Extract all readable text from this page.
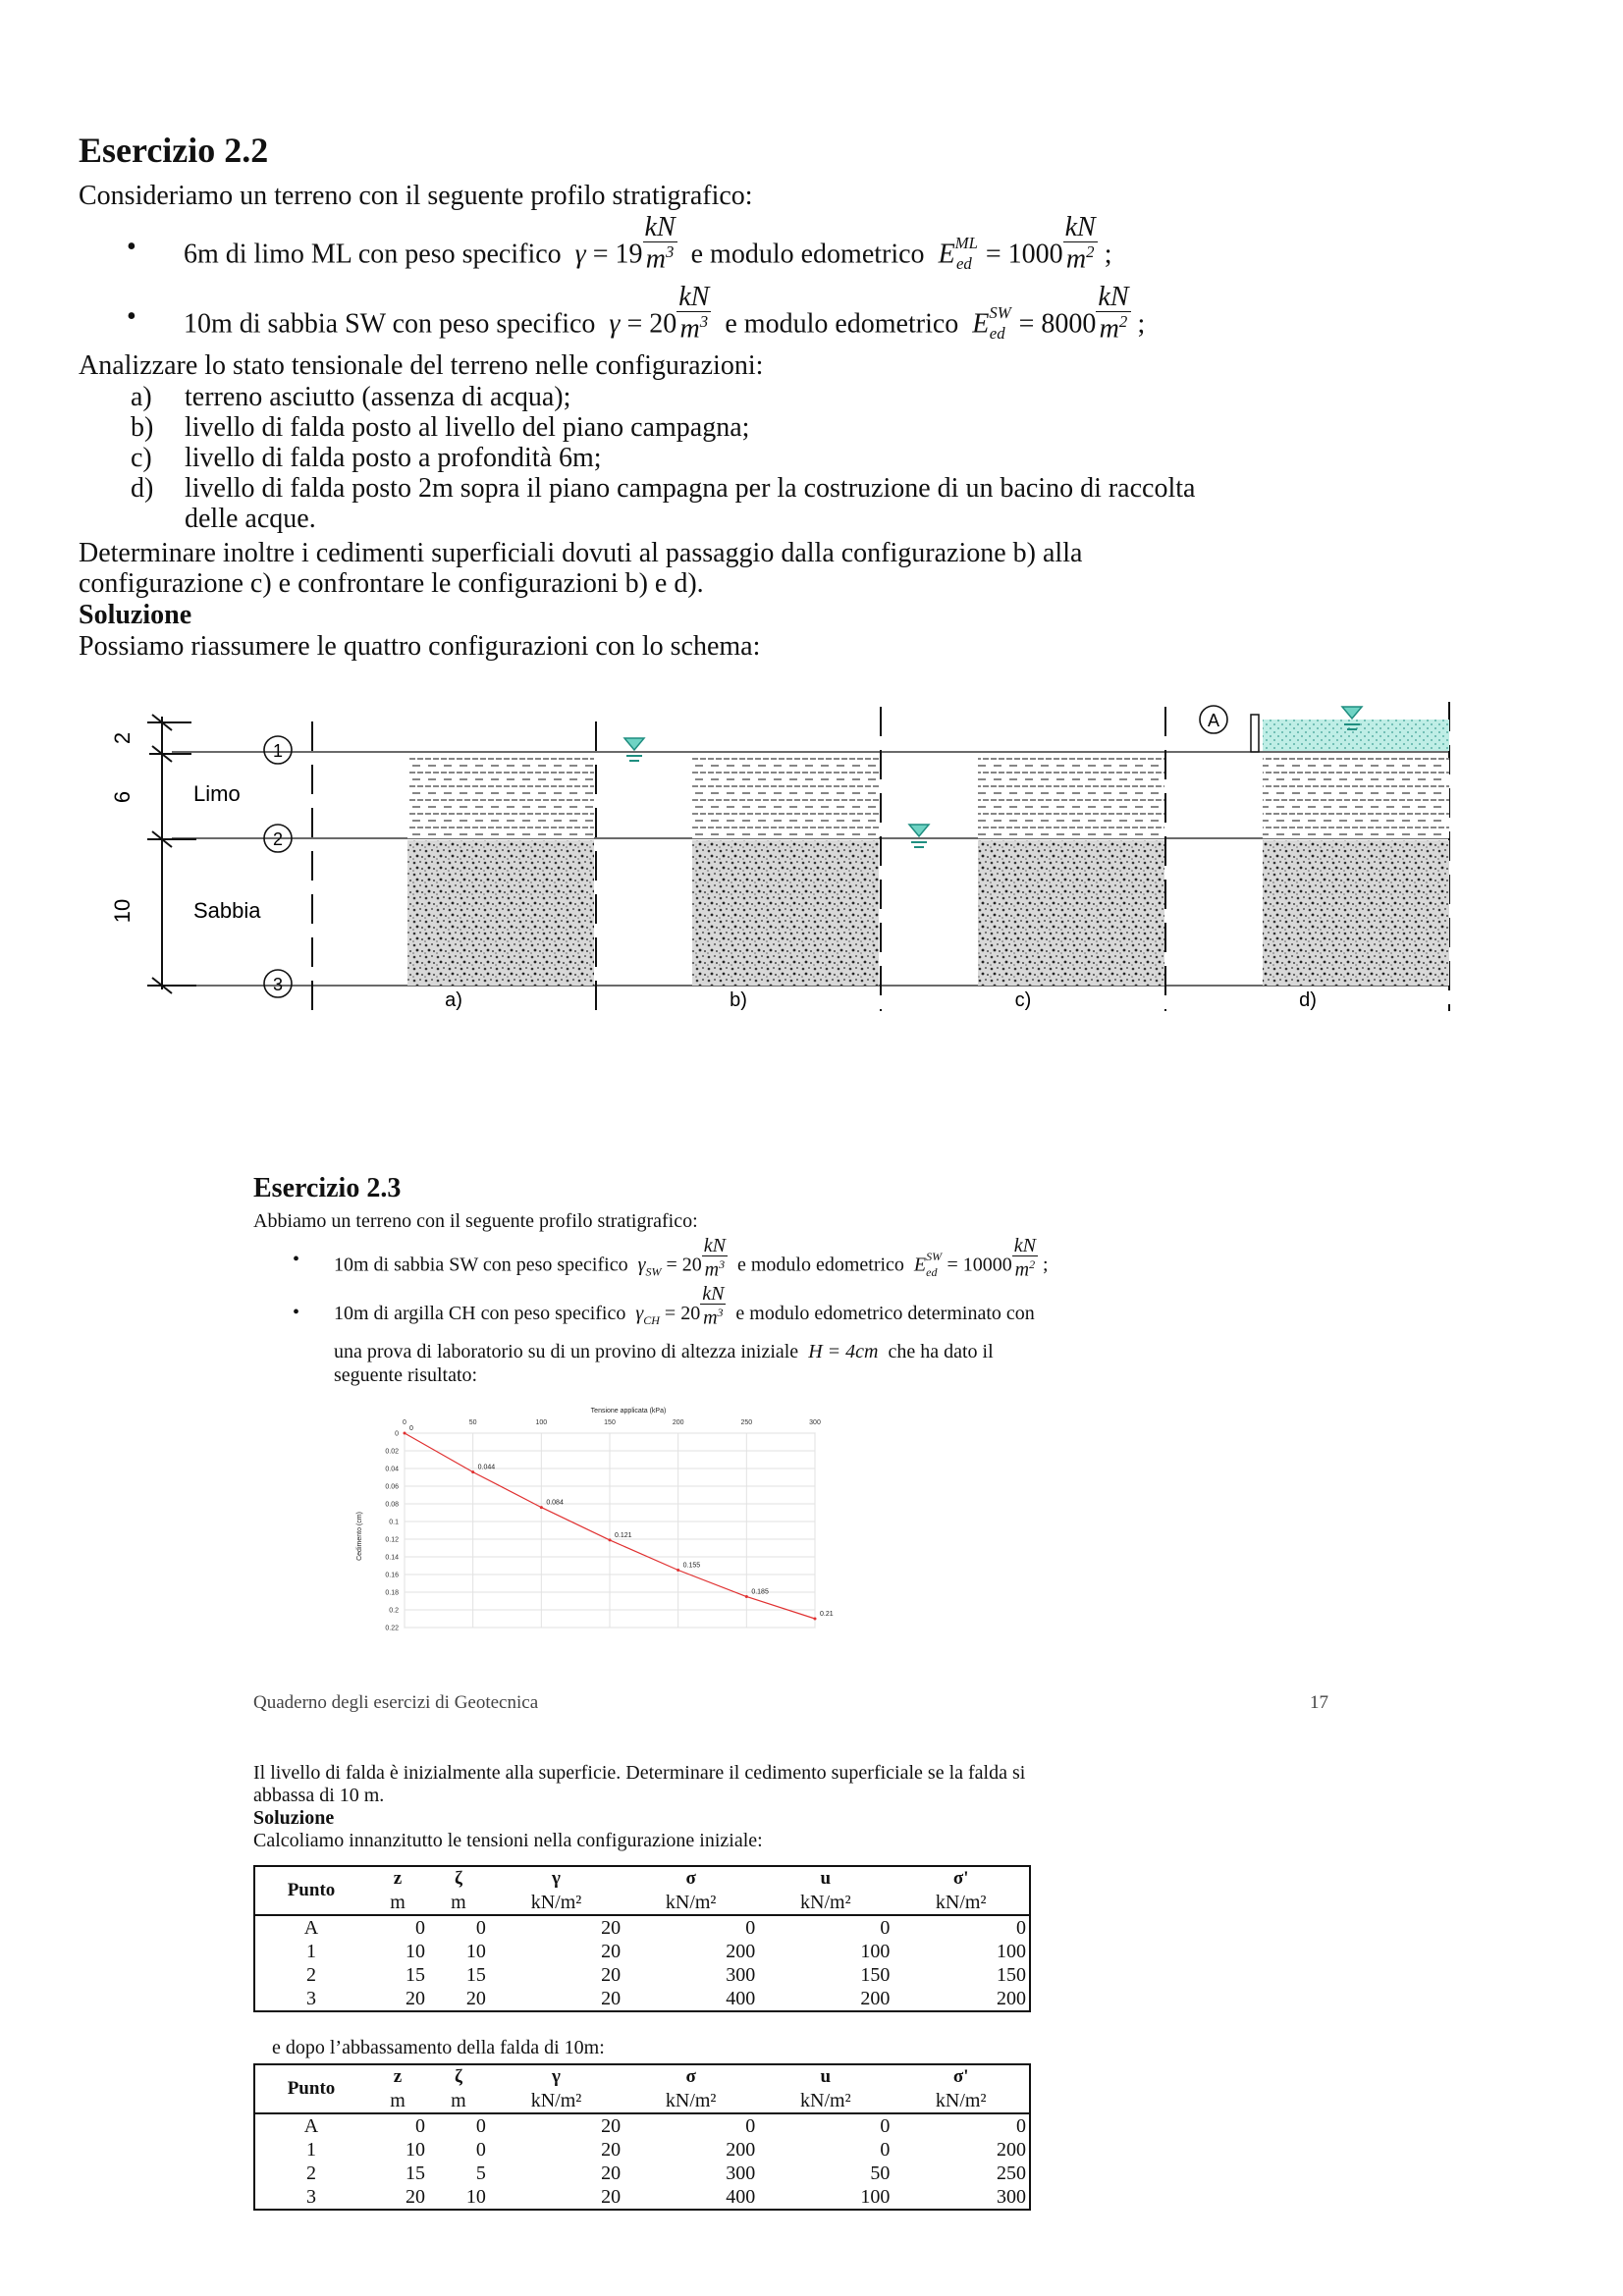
Esercizio 2.2
Consideriamo un terreno con il seguente profilo stratigrafico:
• 6m di limo ML con peso specifico $\gamma = 19 \frac{kN}{m^3}$ e modulo edometrico $E^{ML}_{ed} = 1000 \frac{kN}{m^2}$ ;
• 10m di sabbia SW con peso specifico $\gamma = 20 \frac{kN}{m^3}$ e modulo edometrico $E^{SW}_{ed} = 8000 \frac{kN}{m^2}$ ;
Analizzare lo stato tensionale del terreno nelle configurazioni:
a) terreno asciutto (assenza di acqua);
b) livello di falda posto al livello del piano campagna;
c) livello di falda posto a profondità 6m;
d) livello di falda posto 2m sopra il piano campagna per la costruzione di un bacino di raccolta
delle acque.
Determinare inoltre i cedimenti superficiali dovuti al passaggio dalla configurazione b) alla
configurazione c) e confrontare le configurazioni b) e d).
Soluzione
Possiamo riassumere le quattro configurazioni con lo schema:
2
6
10
Limo
Sabbia
1
2
3
A
a)	b)	c)	d)
Esercizio 2.3
Abbiamo un terreno con il seguente profilo stratigrafico:
• 10m di sabbia SW con peso specifico $\gamma_{SW} = 20 \frac{kN}{m^3}$ e modulo edometrico $E^{SW}_{ed} = 10000 \frac{kN}{m^2}$ ;
• 10m di argilla CH con peso specifico $\gamma_{CH} = 20 \frac{kN}{m^3}$ e modulo edometrico determinato con
una prova di laboratorio su di un provino di altezza iniziale H = 4cm che ha dato il
seguente risultato:
Tensione applicata (kPa)
Cedimento (cm)
0	50	100	150	200	250	300
0
0.02
0.04
0.06
0.08
0.1
0.12
0.14
0.16
0.18
0.2
0.22
0
0.044
0.084
0.121
0.155
0.185
0.21
Quaderno degli esercizi di Geotecnica	17
Il livello di falda è inizialmente alla superficie. Determinare il cedimento superficiale se la falda si
abbassa di 10 m.
Soluzione
Calcoliamo innanzitutto le tensioni nella configurazione iniziale:
Punto	z	ζ	γ	σ	u	σ'
	m	m	kN/m²	kN/m²	kN/m²	kN/m²
A	0	0	20	0	0	0
1	10	10	20	200	100	100
2	15	15	20	300	150	150
3	20	20	20	400	200	200
e dopo l’abbassamento della falda di 10m:
Punto	z	ζ	γ	σ	u	σ'
	m	m	kN/m²	kN/m²	kN/m²	kN/m²
A	0	0	20	0	0	0
1	10	0	20	200	0	200
2	15	5	20	300	50	250
3	20	10	20	400	100	300
